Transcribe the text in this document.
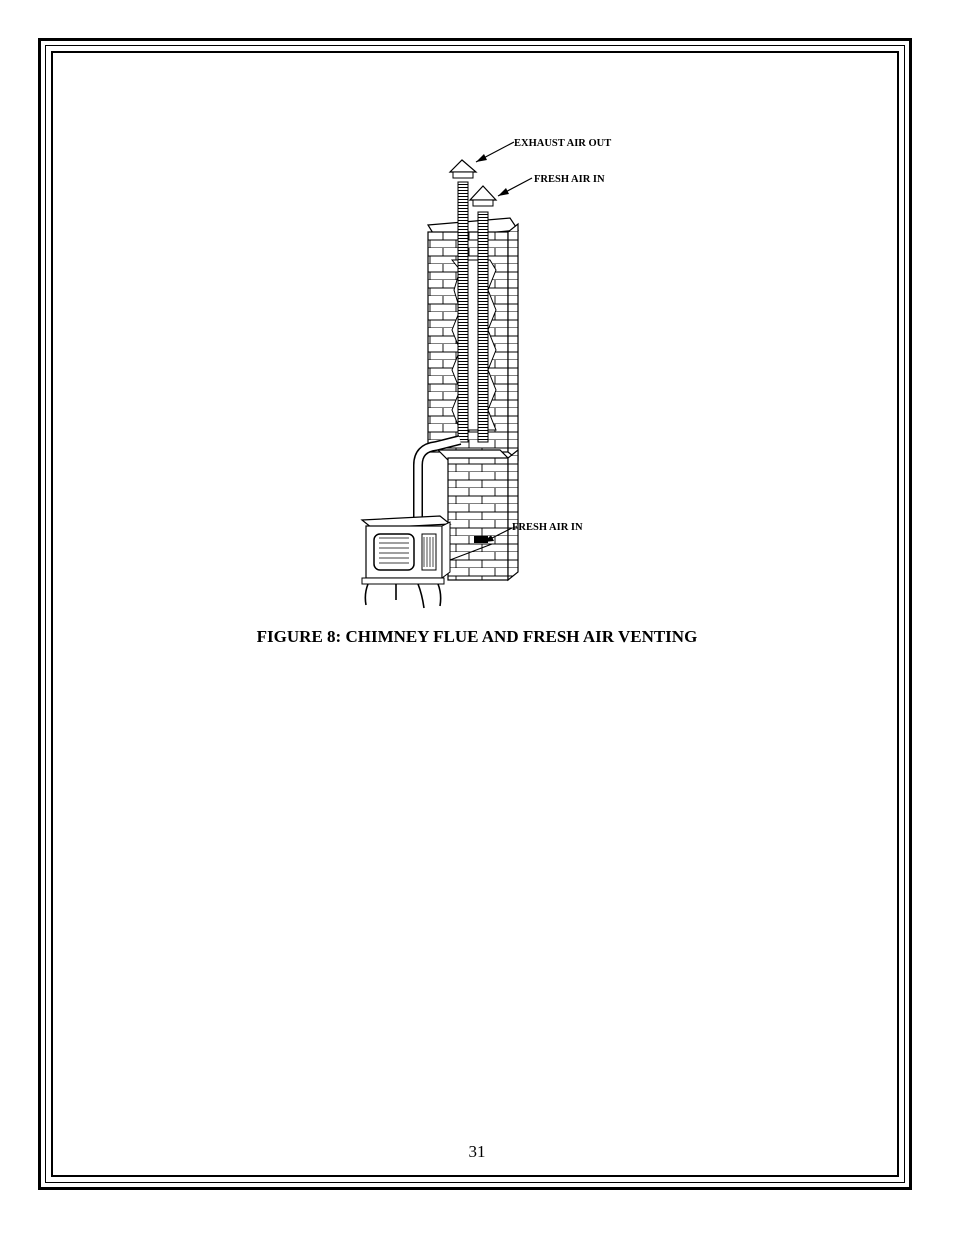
EXHAUST AIR OUT
FRESH AIR IN
FRESH AIR IN
FIGURE 8: CHIMNEY FLUE AND FRESH AIR VENTING
31
